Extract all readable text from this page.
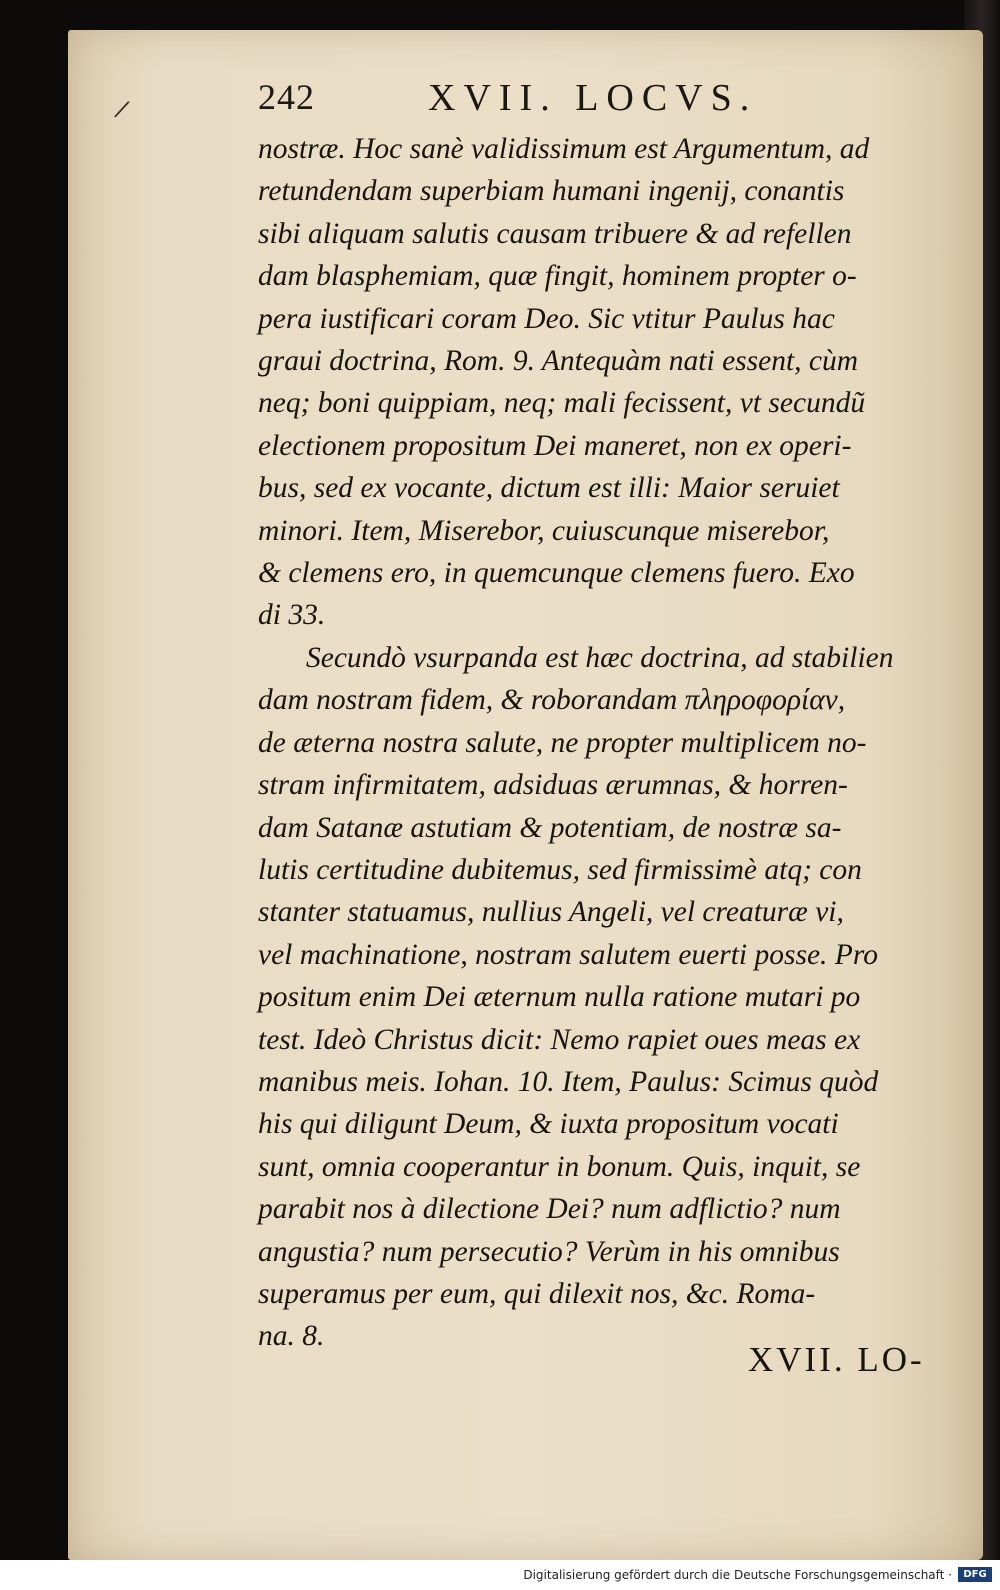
/	242	XVII. LOCVS.
nostræ. Hoc sanè validissimum est Argumentum, ad
retundendam superbiam humani ingenij, conantis
sibi aliquam salutis causam tribuere & ad refellen
dam blasphemiam, quæ fingit, hominem propter o-
pera iustificari coram Deo. Sic vtitur Paulus hac
graui doctrina, Rom. 9. Antequàm nati essent, cùm
neq; boni quippiam, neq; mali fecissent, vt secundũ
electionem propositum Dei maneret, non ex operi-
bus, sed ex vocante, dictum est illi: Maior seruiet
minori. Item, Miserebor, cuiuscunque miserebor,
& clemens ero, in quemcunque clemens fuero. Exo
di 33.
Secundò vsurpanda est hæc doctrina, ad stabilien
dam nostram fidem, & roborandam πληροφορίαν,
de æterna nostra salute, ne propter multiplicem no-
stram infirmitatem, adsiduas ærumnas, & horren-
dam Satanæ astutiam & potentiam, de nostræ sa-
lutis certitudine dubitemus, sed firmissimè atq; con
stanter statuamus, nullius Angeli, vel creaturæ vi,
vel machinatione, nostram salutem euerti posse. Pro
positum enim Dei æternum nulla ratione mutari po
test. Ideò Christus dicit: Nemo rapiet oues meas ex
manibus meis. Iohan. 10. Item, Paulus: Scimus quòd
his qui diligunt Deum, & iuxta propositum vocati
sunt, omnia cooperantur in bonum. Quis, inquit, se
parabit nos à dilectione Dei? num adflictio? num
angustia? num persecutio? Verùm in his omnibus
superamus per eum, qui dilexit nos, &c. Roma-
na. 8.
XVII. LO-
Digitalisierung gefördert durch die Deutsche Forschungsgemeinschaft ·	DFG
